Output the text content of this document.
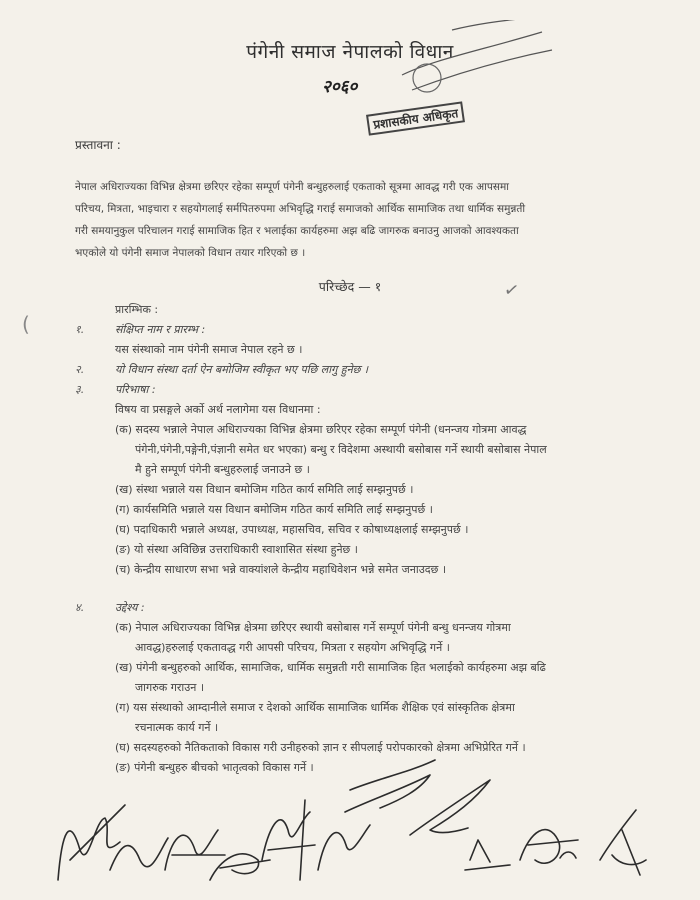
पंगेनी समाज नेपालको विधान
२०६०
प्रशासकीय अधिकृत
प्रस्तावना :
नेपाल अधिराज्यका विभिन्न क्षेत्रमा छरिएर रहेका सम्पूर्ण पंगेनी बन्धुहरुलाई एकताको सूत्रमा आवद्ध गरी एक आपसमा
परिचय, मित्रता, भाइचारा र सहयोगलाई सर्मपितरुपमा अभिवृद्धि गराई समाजको आर्थिक सामाजिक तथा धार्मिक समुन्नती
गरी समयानुकुल परिचालन गराई सामाजिक हित र भलाईका कार्यहरुमा अझ बढि जागरुक बनाउनु आजको आवश्यकता
भएकोले यो पंगेनी समाज नेपालको विधान तयार गरिएको छ ।
परिच्छेद — १	✓
प्रारम्भिक :
(	१.	संक्षिप्त नाम र प्रारम्भ :
यस संस्थाको नाम पंगेनी समाज नेपाल रहने छ ।
२.	यो विधान संस्था दर्ता ऐन बमोजिम स्वीकृत भए पछि लागु हुनेछ ।
३.	परिभाषा :
विषय वा प्रसङ्गले अर्को अर्थ नलागेमा यस विधानमा :
(क) सदस्य भन्नाले नेपाल अधिराज्यका विभिन्न क्षेत्रमा छरिएर रहेका सम्पूर्ण पंगेनी (धनन्जय गोत्रमा आवद्ध
पंगेनी,पंगेनी,पङ्गेनी,पंज्ञानी समेत धर भएका) बन्धु र विदेशमा अस्थायी बसोबास गर्ने स्थायी बसोबास नेपाल
मै हुने सम्पूर्ण पंगेनी बन्धुहरुलाई जनाउने छ ।
(ख) संस्था भन्नाले यस विधान बमोजिम गठित कार्य समिति लाई सम्झनुपर्छ ।
(ग) कार्यसमिति भन्नाले यस विधान बमोजिम गठित कार्य समिति लाई सम्झनुपर्छ ।
(घ) पदाधिकारी भन्नाले अध्यक्ष, उपाध्यक्ष, महासचिव, सचिव र कोषाध्यक्षलाई सम्झनुपर्छ ।
(ङ) यो संस्था अविछिन्न उत्तराधिकारी स्वाशासित संस्था हुनेछ ।
(च) केन्द्रीय साधारण सभा भन्ने वाक्यांशले केन्द्रीय महाधिवेशन भन्ने समेत जनाउदछ ।
४.	उद्देश्य :
(क) नेपाल अधिराज्यका विभिन्न क्षेत्रमा छरिएर स्थायी बसोबास गर्ने सम्पूर्ण पंगेनी बन्धु धनन्जय गोत्रमा
आवद्ध)हरुलाई एकतावद्ध गरी आपसी परिचय, मित्रता र सहयोग अभिवृद्धि गर्ने ।
(ख) पंगेनी बन्धुहरुको आर्थिक, सामाजिक, धार्मिक समुन्नती गरी सामाजिक हित भलाईको कार्यहरुमा अझ बढि
जागरुक गराउन ।
(ग) यस संस्थाको आम्दानीले समाज र देशको आर्थिक सामाजिक धार्मिक शैक्षिक एवं सांस्कृतिक क्षेत्रमा
रचनात्मक कार्य गर्ने ।
(घ) सदस्यहरुको नैतिकताको विकास गरी उनीहरुको ज्ञान र सीपलाई परोपकारको क्षेत्रमा अभिप्रेरित गर्ने ।
(ङ) पंगेनी बन्धुहरु बीचको भातृत्वको विकास गर्ने ।
